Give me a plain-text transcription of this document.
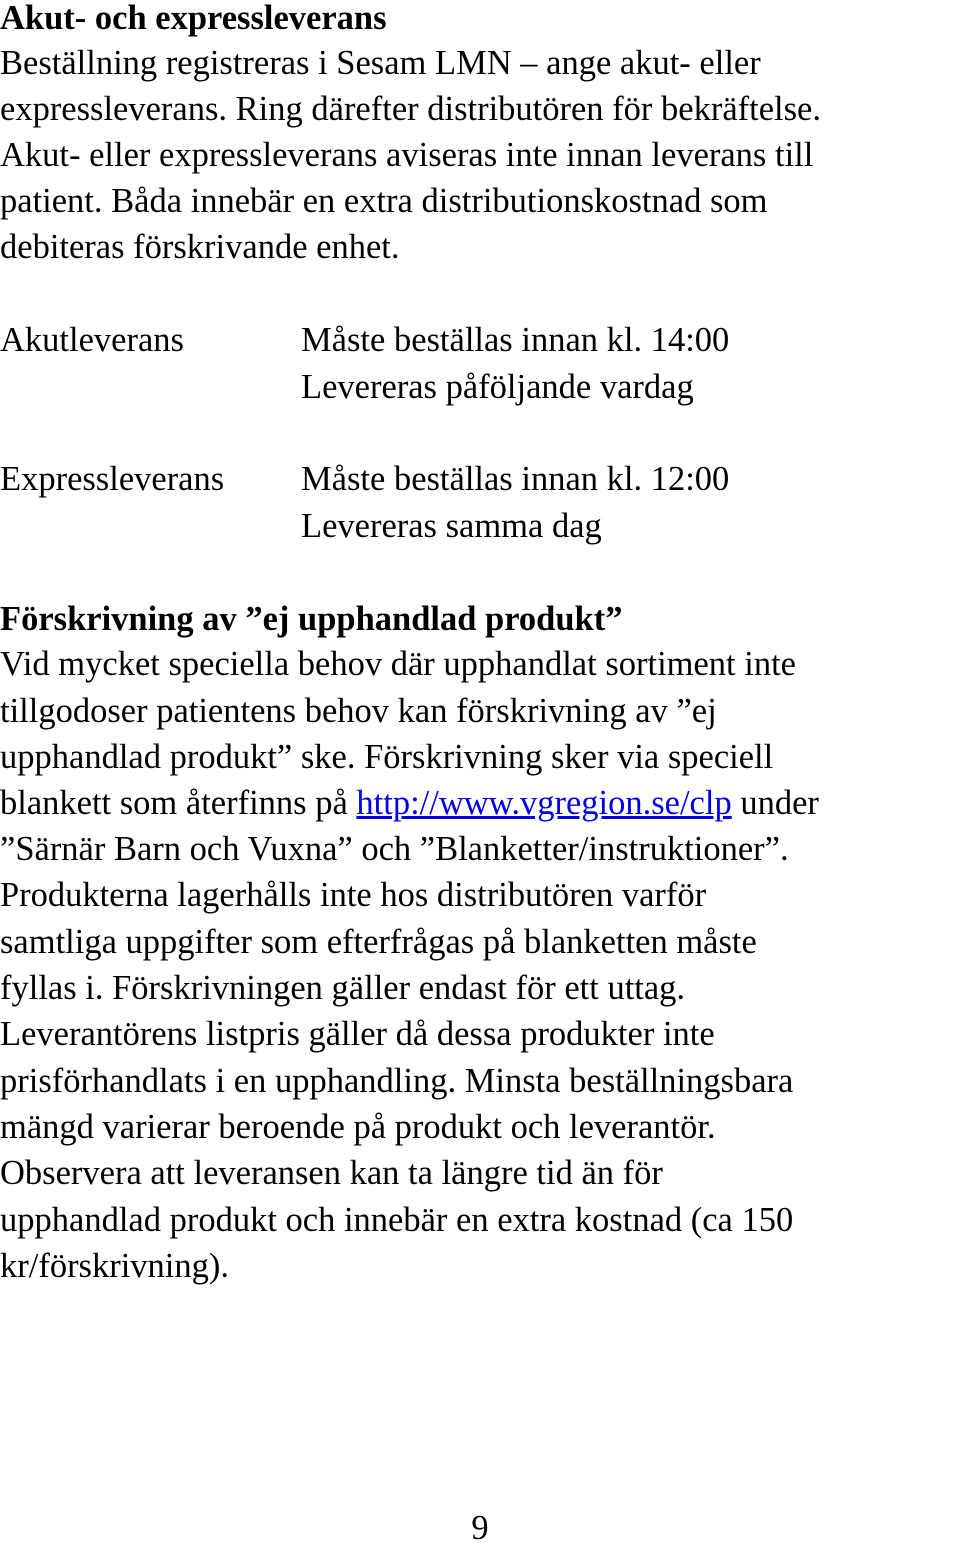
Akut- och expressleverans
Beställning registreras i Sesam LMN – ange akut- eller
expressleverans. Ring därefter distributören för bekräftelse.
Akut- eller expressleverans aviseras inte innan leverans till
patient. Båda innebär en extra distributionskostnad som
debiteras förskrivande enhet.
Akutleverans	Måste beställas innan kl. 14:00
Levereras påföljande vardag
Expressleverans Måste beställas innan kl. 12:00
Levereras samma dag
Förskrivning av ”ej upphandlad produkt”
Vid mycket speciella behov där upphandlat sortiment inte
tillgodoser patientens behov kan förskrivning av ”ej
upphandlad produkt” ske. Förskrivning sker via speciell
blankett som återfinns på http://www.vgregion.se/clp under
”Särnär Barn och Vuxna” och ”Blanketter/instruktioner”.
Produkterna lagerhålls inte hos distributören varför
samtliga uppgifter som efterfrågas på blanketten måste
fyllas i. Förskrivningen gäller endast för ett uttag.
Leverantörens listpris gäller då dessa produkter inte
prisförhandlats i en upphandling. Minsta beställningsbara
mängd varierar beroende på produkt och leverantör.
Observera att leveransen kan ta längre tid än för
upphandlad produkt och innebär en extra kostnad (ca 150
kr/förskrivning).
9
